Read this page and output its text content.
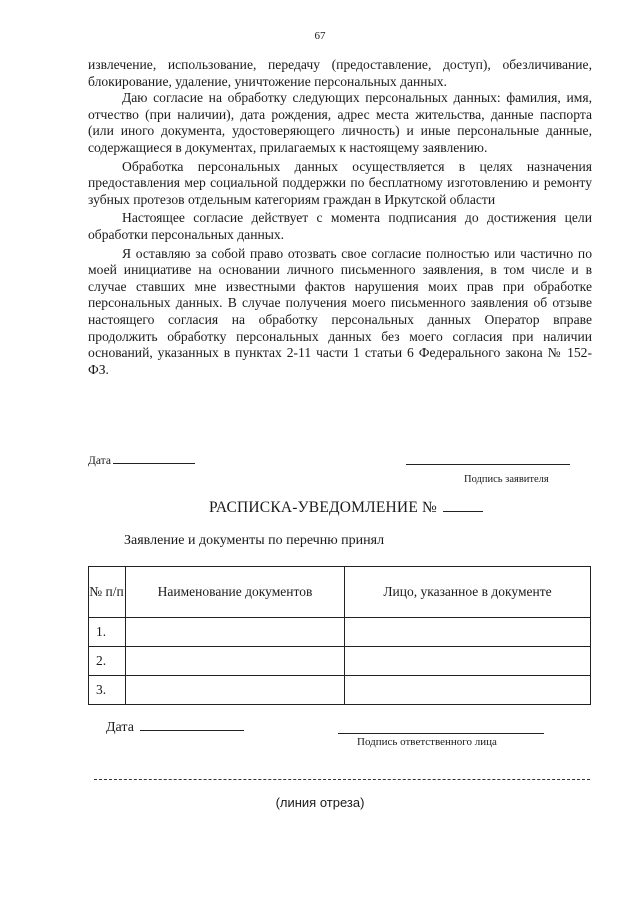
67

извлечение, использование, передачу (предоставление, доступ), обезличивание, блокирование, удаление, уничтожение персональных данных.

Даю согласие на обработку следующих персональных данных: фамилия, имя, отчество (при наличии), дата рождения, адрес места жительства, данные паспорта (или иного документа, удостоверяющего личность) и иные персональные данные, содержащиеся в документах, прилагаемых к настоящему заявлению.

Обработка персональных данных осуществляется в целях назначения предоставления мер социальной поддержки по бесплатному изготовлению и ремонту зубных протезов отдельным категориям граждан в Иркутской области

Настоящее согласие действует с момента подписания до достижения цели обработки персональных данных.

Я оставляю за собой право отозвать свое согласие полностью или частично по моей инициативе на основании личного письменного заявления, в том числе и в случае ставших мне известными фактов нарушения моих прав при обработке персональных данных. В случае получения моего письменного заявления об отзыве настоящего согласия на обработку персональных данных Оператор вправе продолжить обработку персональных данных без моего согласия при наличии оснований, указанных в пунктах 2-11 части 1 статьи 6 Федерального закона № 152-ФЗ.

Дата
Подпись заявителя
РАСПИСКА-УВЕДОМЛЕНИЕ №
Заявление и документы по перечню принял
№ п/п	Наименование документов	Лицо, указанное в документе
1.		
2.		
3.		
Дата
Подпись ответственного лица
(линия отреза)
